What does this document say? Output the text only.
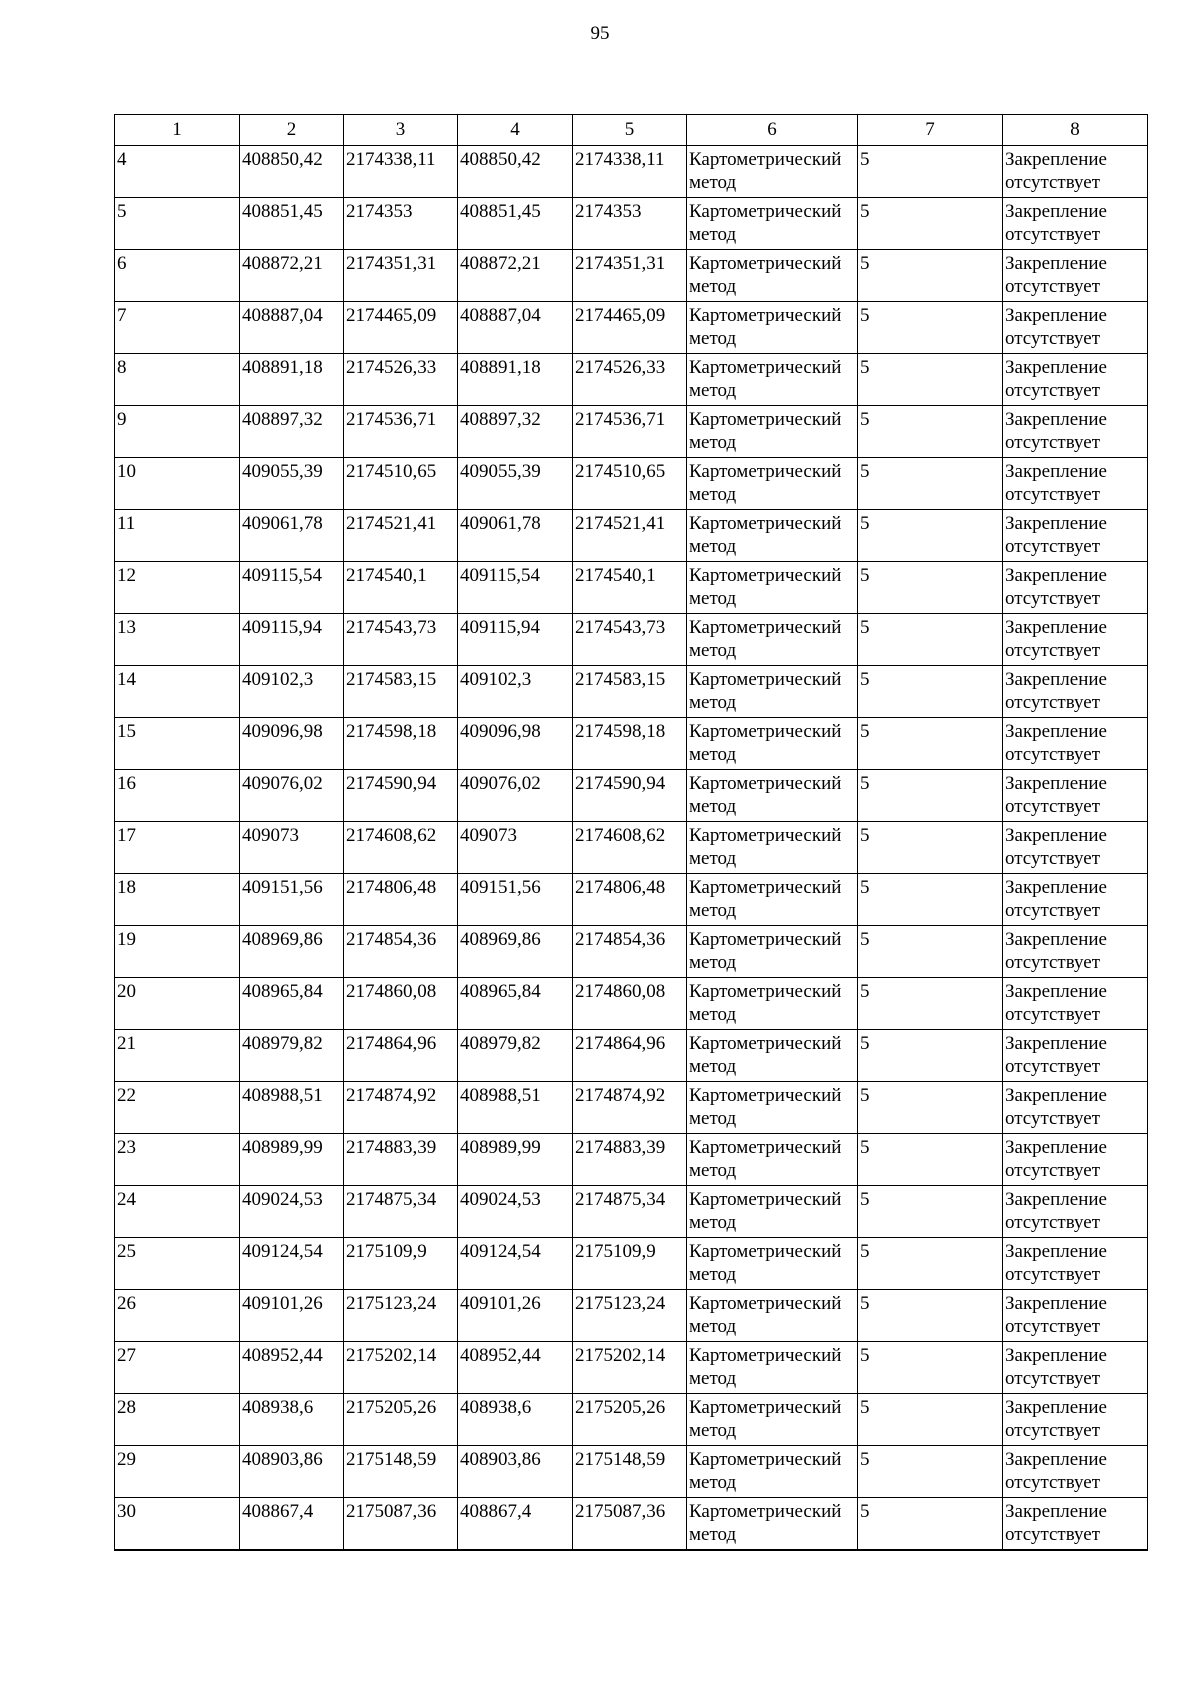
95
1	2	3	4	5	6	7	8
4	408850,42	2174338,11	408850,42	2174338,11	Картометрический метод	5	Закрепление отсутствует
5	408851,45	2174353	408851,45	2174353	Картометрический метод	5	Закрепление отсутствует
6	408872,21	2174351,31	408872,21	2174351,31	Картометрический метод	5	Закрепление отсутствует
7	408887,04	2174465,09	408887,04	2174465,09	Картометрический метод	5	Закрепление отсутствует
8	408891,18	2174526,33	408891,18	2174526,33	Картометрический метод	5	Закрепление отсутствует
9	408897,32	2174536,71	408897,32	2174536,71	Картометрический метод	5	Закрепление отсутствует
10	409055,39	2174510,65	409055,39	2174510,65	Картометрический метод	5	Закрепление отсутствует
11	409061,78	2174521,41	409061,78	2174521,41	Картометрический метод	5	Закрепление отсутствует
12	409115,54	2174540,1	409115,54	2174540,1	Картометрический метод	5	Закрепление отсутствует
13	409115,94	2174543,73	409115,94	2174543,73	Картометрический метод	5	Закрепление отсутствует
14	409102,3	2174583,15	409102,3	2174583,15	Картометрический метод	5	Закрепление отсутствует
15	409096,98	2174598,18	409096,98	2174598,18	Картометрический метод	5	Закрепление отсутствует
16	409076,02	2174590,94	409076,02	2174590,94	Картометрический метод	5	Закрепление отсутствует
17	409073	2174608,62	409073	2174608,62	Картометрический метод	5	Закрепление отсутствует
18	409151,56	2174806,48	409151,56	2174806,48	Картометрический метод	5	Закрепление отсутствует
19	408969,86	2174854,36	408969,86	2174854,36	Картометрический метод	5	Закрепление отсутствует
20	408965,84	2174860,08	408965,84	2174860,08	Картометрический метод	5	Закрепление отсутствует
21	408979,82	2174864,96	408979,82	2174864,96	Картометрический метод	5	Закрепление отсутствует
22	408988,51	2174874,92	408988,51	2174874,92	Картометрический метод	5	Закрепление отсутствует
23	408989,99	2174883,39	408989,99	2174883,39	Картометрический метод	5	Закрепление отсутствует
24	409024,53	2174875,34	409024,53	2174875,34	Картометрический метод	5	Закрепление отсутствует
25	409124,54	2175109,9	409124,54	2175109,9	Картометрический метод	5	Закрепление отсутствует
26	409101,26	2175123,24	409101,26	2175123,24	Картометрический метод	5	Закрепление отсутствует
27	408952,44	2175202,14	408952,44	2175202,14	Картометрический метод	5	Закрепление отсутствует
28	408938,6	2175205,26	408938,6	2175205,26	Картометрический метод	5	Закрепление отсутствует
29	408903,86	2175148,59	408903,86	2175148,59	Картометрический метод	5	Закрепление отсутствует
30	408867,4	2175087,36	408867,4	2175087,36	Картометрический метод	5	Закрепление отсутствует
